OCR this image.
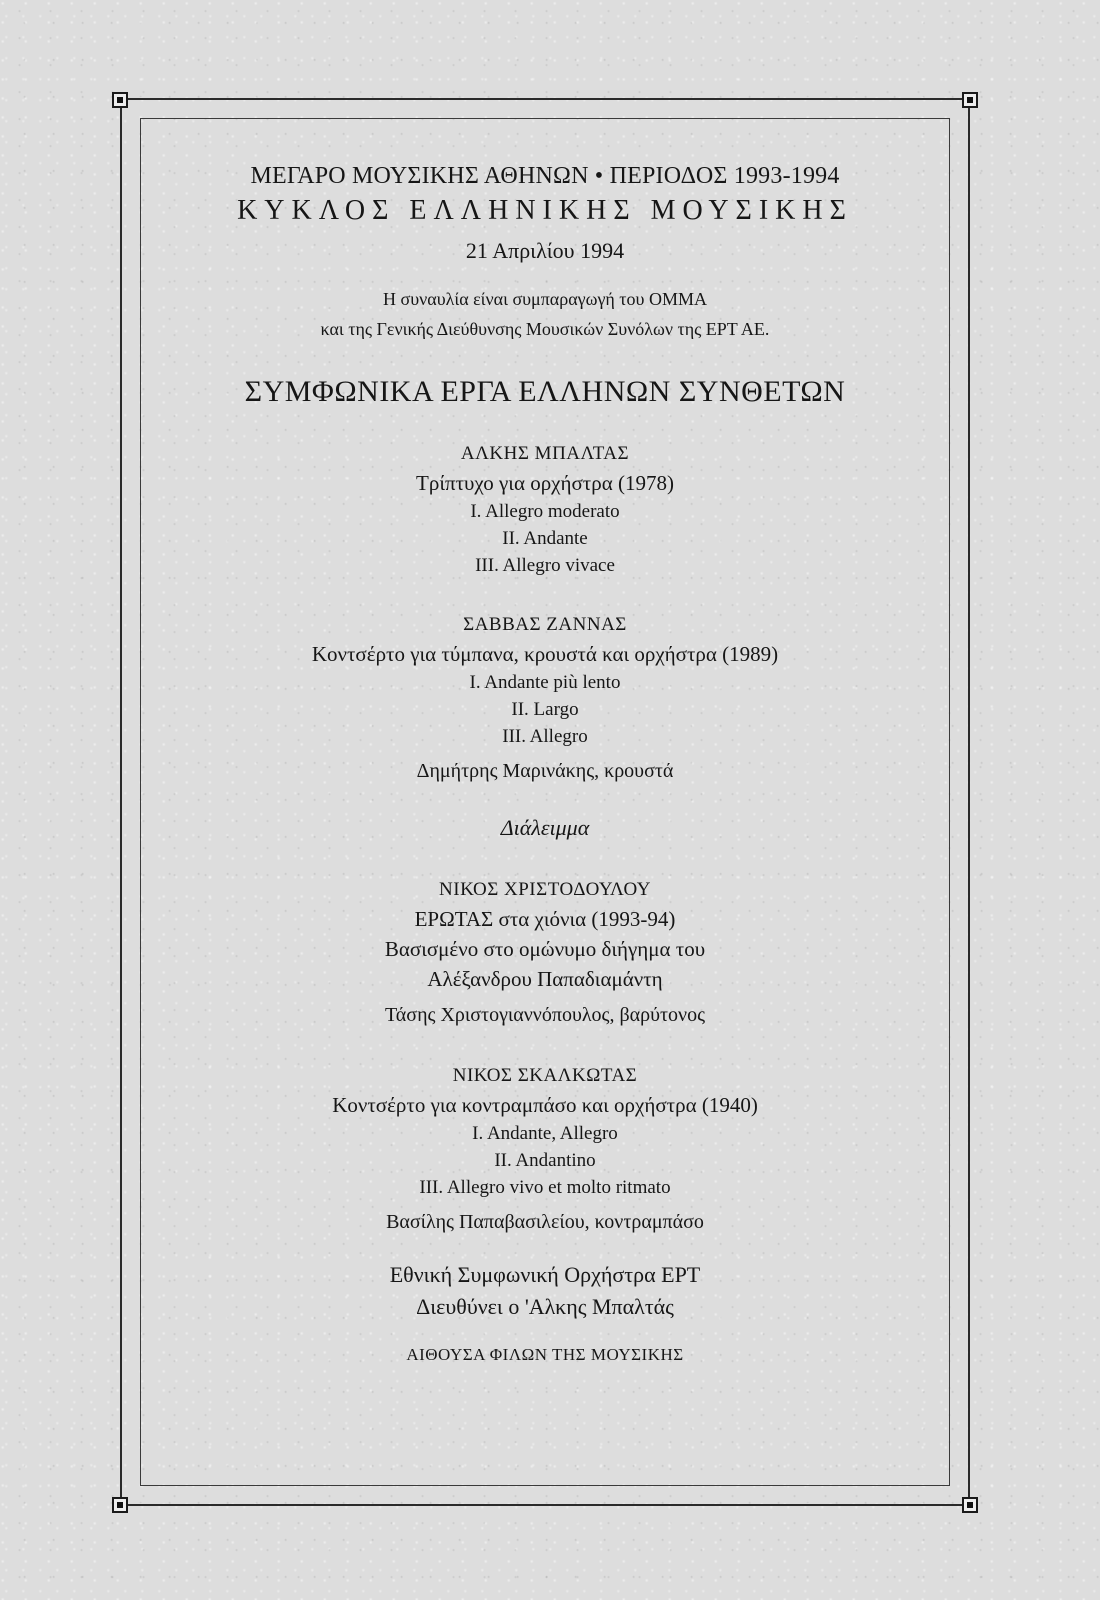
ΜΕΓΑΡΟ ΜΟΥΣΙΚΗΣ ΑΘΗΝΩΝ • ΠΕΡΙΟΔΟΣ 1993-1994
ΚΥΚΛΟΣ ΕΛΛΗΝΙΚΗΣ ΜΟΥΣΙΚΗΣ
21 Απριλίου 1994
Η συναυλία είναι συμπαραγωγή του ΟΜΜΑ
και της Γενικής Διεύθυνσης Μουσικών Συνόλων της ΕΡΤ ΑΕ.
ΣΥΜΦΩΝΙΚΑ ΕΡΓΑ ΕΛΛΗΝΩΝ ΣΥΝΘΕΤΩΝ
ΑΛΚΗΣ ΜΠΑΛΤΑΣ
Τρίπτυχο για ορχήστρα (1978)
I. Allegro moderato
II. Andante
III. Allegro vivace
ΣΑΒΒΑΣ ΖΑΝΝΑΣ
Κοντσέρτο για τύμπανα, κρουστά και ορχήστρα (1989)
I. Andante più lento
II. Largo
III. Allegro
Δημήτρης Μαρινάκης, κρουστά
Διάλειμμα
ΝΙΚΟΣ ΧΡΙΣΤΟΔΟΥΛΟΥ
ΕΡΩΤΑΣ στα χιόνια (1993-94)
Βασισμένο στο ομώνυμο διήγημα του
Αλέξανδρου Παπαδιαμάντη
Τάσης Χριστογιαννόπουλος, βαρύτονος
ΝΙΚΟΣ ΣΚΑΛΚΩΤΑΣ
Κοντσέρτο για κοντραμπάσο και ορχήστρα (1940)
I. Andante, Allegro
II. Andantino
III. Allegro vivo et molto ritmato
Βασίλης Παπαβασιλείου, κοντραμπάσο
Εθνική Συμφωνική Ορχήστρα ΕΡΤ
Διευθύνει ο 'Αλκης Μπαλτάς
ΑΙΘΟΥΣΑ ΦΙΛΩΝ ΤΗΣ ΜΟΥΣΙΚΗΣ
